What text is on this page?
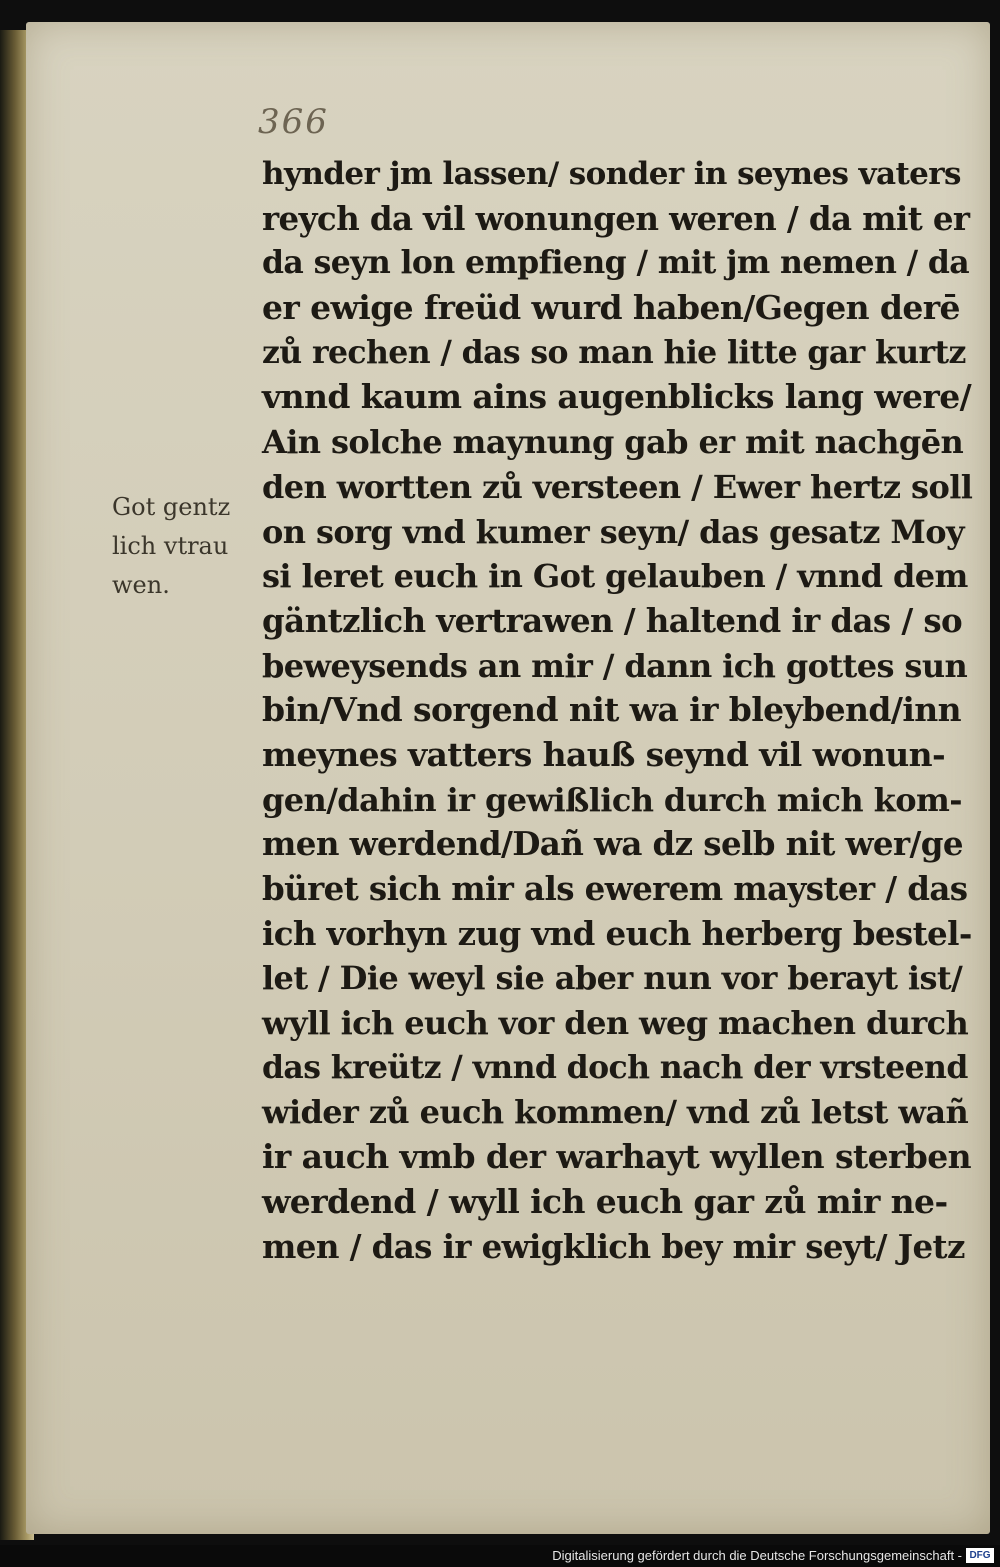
366
Got gentz
lich vtrau
wen.
hynder jm lassen/ sonder in seynes vaters
reych da vil wonungen weren / da mit er
da seyn lon empfieng / mit jm nemen / da
er ewige freüd wurd haben/Gegen derē
zů rechen / das so man hie litte gar kurtz
vnnd kaum ains augenblicks lang were/
Ain solche maynung gab er mit nachgēn
den wortten zů versteen / Ewer hertz soll
on sorg vnd kumer seyn/ das gesatz Moy
si leret euch in Got gelauben / vnnd dem
gäntzlich vertrawen / haltend ir das / so
beweysends an mir / dann ich gottes sun
bin/Vnd sorgend nit wa ir bleybend/inn
meynes vatters hauß seynd vil wonun-
gen/dahin ir gewißlich durch mich kom-
men werdend/Dañ wa dz selb nit wer/ge
büret sich mir als ewerem mayster / das
ich vorhyn zug vnd euch herberg bestel-
let / Die weyl sie aber nun vor berayt ist/
wyll ich euch vor den weg machen durch
das kreütz / vnnd doch nach der vrsteend
wider zů euch kommen/ vnd zů letst wañ
ir auch vmb der warhayt wyllen sterben
werdend / wyll ich euch gar zů mir ne-
men / das ir ewigklich bey mir seyt/ Jetz
Digitalisierung gefördert durch die Deutsche Forschungsgemeinschaft - DFG
